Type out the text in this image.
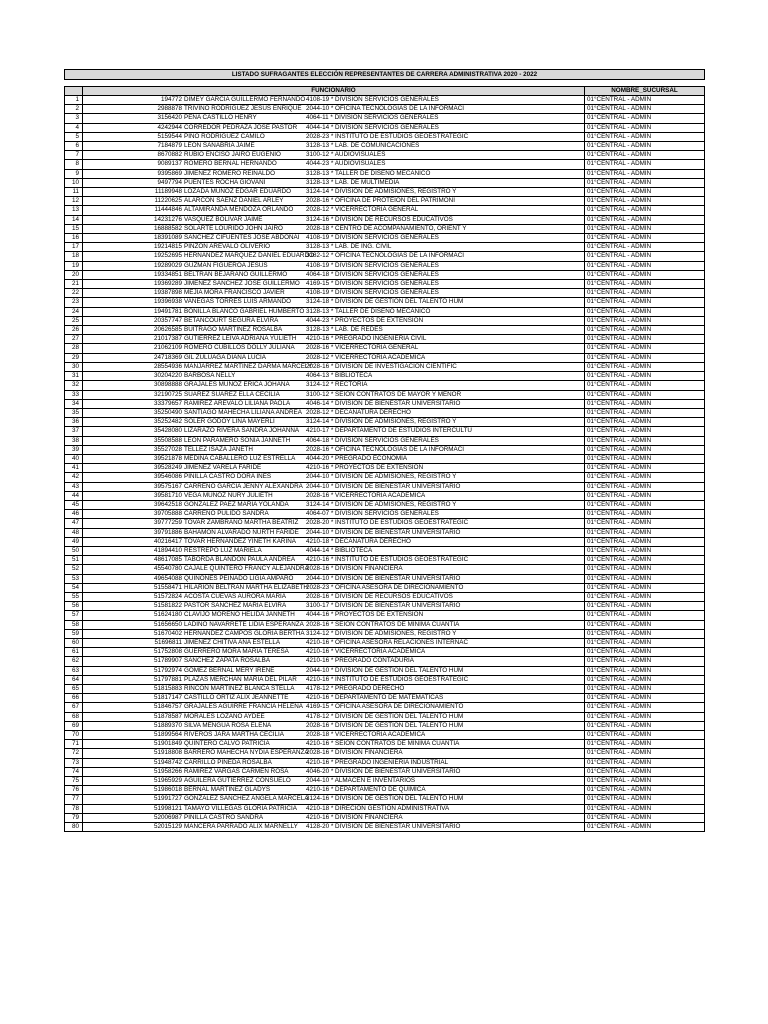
LISTADO SUFRAGANTES ELECCIÓN REPRESENTANTES DE CARRERA ADMINISTRATIVA 2020 - 2022		

	FUNCIONARIO	NOMBRE_SUCURSAL
1	194772 DIMEY GARCIA GUILLERMO FERNANDO4108-19 * DIVISION SERVICIOS GENERALES	01°CENTRAL - ADMIN
2	2988878 TRIVIÑO RODRIGUEZ JESUS ENRIQUE 2044-10 * OFICINA TECNOLOGIAS DE LA INFORMACI	01°CENTRAL - ADMIN
3	3156420 PEÑA CASTILLO HENRY 4064-11 * DIVISION SERVICIOS GENERALES	01°CENTRAL - ADMIN
4	4242944 CORREDOR PEDRAZA JOSE PASTOR 4044-14 * DIVISION SERVICIOS GENERALES	01°CENTRAL - ADMIN
5	5159544 PINO RODRIGUEZ CAMILO 2028-23 * INSTITUTO DE ESTUDIOS GEOESTRATEGIC	01°CENTRAL - ADMIN
6	7184879 LEON SANABRIA JAIME 3128-13 * LAB. DE COMUNICACIONES	01°CENTRAL - ADMIN
7	8670882 RUBIO ENCISO JAIRO EUGENIO 3100-12 * AUDIOVISUALES	01°CENTRAL - ADMIN
8	9089137 ROMERO BERNAL HERNANDO 4044-23 * AUDIOVISUALES	01°CENTRAL - ADMIN
9	9395869 JIMENEZ ROMERO REINALDO 3128-13 * TALLER DE DISEÑO MECANICO	01°CENTRAL - ADMIN
10	9497794 PUENTES ROCHA GIOVANI 3128-13 * LAB. DE MULTIMEDIA	01°CENTRAL - ADMIN
11	11189948 LOZADA MUÑOZ EDGAR EDUARDO 3124-14 * DIVISION DE ADMISIONES, REGISTRO Y	01°CENTRAL - ADMIN
12	11220625 ALARCON SAENZ DANIEL ARLEY 2028-16 * OFICINA DE PROTEION DEL PATRIMONI	01°CENTRAL - ADMIN
13	11444846 ALTAMIRANDA MENDOZA ORLANDO 2028-12 * VICERRECTORIA GENERAL	01°CENTRAL - ADMIN
14	14231276 VASQUEZ BOLIVAR JAIME 3124-16 * DIVISION DE RECURSOS EDUCATIVOS	01°CENTRAL - ADMIN
15	16888582 SOLARTE LOURIDO JOHN JAIRO 2028-18 * CENTRO DE ACOMPAÑAMIENTO, ORIENT Y	01°CENTRAL - ADMIN
16	18391089 SANCHEZ CIFUENTES JOSE ABDONAI 4108-19 * DIVISION SERVICIOS GENERALES	01°CENTRAL - ADMIN
17	19214815 PINZON AREVALO OLIVERIO 3128-13 * LAB. DE ING. CIVIL	01°CENTRAL - ADMIN
18	19252695 HERNANDEZ MARQUEZ DANIEL EDUARDO3182-12 * OFICINA TECNOLOGIAS DE LA INFORMACI	01°CENTRAL - ADMIN
19	19289029 GUZMAN FIGUEROA JESUS 4108-19 * DIVISION SERVICIOS GENERALES	01°CENTRAL - ADMIN
20	19334851 BELTRAN BEJARANO GUILLERMO 4064-18 * DIVISION SERVICIOS GENERALES	01°CENTRAL - ADMIN
21	19369289 JIMENEZ SANCHEZ JOSE GUILLERMO 4169-15 * DIVISION SERVICIOS GENERALES	01°CENTRAL - ADMIN
22	19387898 MEJIA MORA FRANCISCO JAVIER 4108-19 * DIVISION SERVICIOS GENERALES	01°CENTRAL - ADMIN
23	19396938 VANEGAS TORRES LUIS ARMANDO 3124-18 * DIVISION DE GESTION DEL TALENTO HUM	01°CENTRAL - ADMIN
24	19491781 BONILLA BLANCO GABRIEL HUMBERTO 3128-13 * TALLER DE DISEÑO MECANICO	01°CENTRAL - ADMIN
25	20357747 BETANCOURT SEGURA ELVIRA 4044-23 * PROYECTOS DE EXTENSION	01°CENTRAL - ADMIN
26	20626585 BUITRAGO MARTINEZ ROSALBA 3128-13 * LAB. DE REDES	01°CENTRAL - ADMIN
27	21017387 GUTIERREZ LEIVA ADRIANA YULIETH 4210-16 * PREGRADO INGENIERIA CIVIL	01°CENTRAL - ADMIN
28	21062109 ROMERO CUBILLOS DOLLY JULIANA 2028-16 * VICERRECTORIA GENERAL	01°CENTRAL - ADMIN
29	24718369 GIL ZULUAGA DIANA LUCIA 2028-12 * VICERRECTORIA ACADEMICA	01°CENTRAL - ADMIN
30	28554936 MANJARREZ MARTINEZ DARMA MARCELY2028-16 * DIVISION DE INVESTIGACION CIENTIFIC	01°CENTRAL - ADMIN
31	30204220 BARBOSA NELLY 4064-13 * BIBLIOTECA	01°CENTRAL - ADMIN
32	30898888 GRAJALES MUÑOZ ERICA JOHANA 3124-12 * RECTORIA	01°CENTRAL - ADMIN
33	32190725 SUAREZ SUAREZ ELLA CECILIA 3100-12 * SEION CONTRATOS DE MAYOR Y MENOR	01°CENTRAL - ADMIN
34	33379657 RAMIREZ AREVALO LILIANA PAOLA 4046-14 * DIVISION DE BIENESTAR UNIVERSITARIO	01°CENTRAL - ADMIN
35	35250490 SANTIAGO MAHECHA LILIANA ANDREA 2028-12 * DECANATURA DERECHO	01°CENTRAL - ADMIN
36	35252482 SOLER GODOY LINA MAYERLI 3124-14 * DIVISION DE ADMISIONES, REGISTRO Y	01°CENTRAL - ADMIN
37	35428080 LIZARAZO RIVERA SANDRA JOHANNA 4210-17 * DEPARTAMENTO DE ESTUDIOS INTERCULTU	01°CENTRAL - ADMIN
38	35508588 LEON PARAMERO SONIA JANNETH 4064-18 * DIVISION SERVICIOS GENERALES	01°CENTRAL - ADMIN
39	35527028 TELLEZ ISAZA JANETH 2028-16 * OFICINA TECNOLOGIAS DE LA INFORMACI	01°CENTRAL - ADMIN
40	39521878 MEDINA CABALLERO LUZ ESTRELLA 4044-20 * PREGRADO ECONOMIA	01°CENTRAL - ADMIN
41	39528249 JIMENEZ VARELA FARIDE 4210-16 * PROYECTOS DE EXTENSION	01°CENTRAL - ADMIN
42	39546086 PINILLA CASTRO DORA INES 2044-10 * DIVISION DE ADMISIONES, REGISTRO Y	01°CENTRAL - ADMIN
43	39575167 CARREÑO GARCIA JENNY ALEXANDRA 2044-10 * DIVISION DE BIENESTAR UNIVERSITARIO	01°CENTRAL - ADMIN
44	39581710 VEGA MUÑOZ NURY JULIETH 2028-16 * VICERRECTORIA ACADEMICA	01°CENTRAL - ADMIN
45	39642518 GONZALEZ PAEZ MARIA YOLANDA 3124-14 * DIVISION DE ADMISIONES, REGISTRO Y	01°CENTRAL - ADMIN
46	39705888 CARREÑO PULIDO SANDRA 4064-07 * DIVISION SERVICIOS GENERALES	01°CENTRAL - ADMIN
47	39777259 TOVAR ZAMBRANO MARTHA BEATRIZ 2028-20 * INSTITUTO DE ESTUDIOS GEOESTRATEGIC	01°CENTRAL - ADMIN
48	39791886 BAHAMON ALVARADO NURTH FARIDE 2044-10 * DIVISION DE BIENESTAR UNIVERSITARIO	01°CENTRAL - ADMIN
49	40216417 TOVAR HERNANDEZ YINETH KARINA 4210-18 * DECANATURA DERECHO	01°CENTRAL - ADMIN
50	41894410 RESTREPO LUZ MARIELA 4044-14 * BIBLIOTECA	01°CENTRAL - ADMIN
51	48617085 TABORDA BLANDON PAULA ANDREA 4210-16 * INSTITUTO DE ESTUDIOS GEOESTRATEGIC	01°CENTRAL - ADMIN
52	45540780 CAJALE QUINTERO FRANCY ALEJANDRA2028-16 * DIVISION FINANCIERA	01°CENTRAL - ADMIN
53	49654088 QUIÑONES PEINADO LIGIA AMPARO 2044-10 * DIVISION DE BIENESTAR UNIVERSITARIO	01°CENTRAL - ADMIN
54	51558471 HILARION BELTRAN MARTHA ELIZABETH2028-23 * OFICINA ASESORA DE DIRECIONAMIENTO	01°CENTRAL - ADMIN
55	51572824 ACOSTA CUEVAS AURORA MARIA 2028-16 * DIVISION DE RECURSOS EDUCATIVOS	01°CENTRAL - ADMIN
56	51581822 PASTOR SANCHEZ MARIA ELVIRA 3100-17 * DIVISION DE BIENESTAR UNIVERSITARIO	01°CENTRAL - ADMIN
57	51624180 CLAVIJO MORENO HELIDA JANNETH 4044-16 * PROYECTOS DE EXTENSION	01°CENTRAL - ADMIN
58	51656650 LADINO NAVARRETE LIDIA ESPERANZA 2028-16 * SEION CONTRATOS DE MINIMA CUANTIA	01°CENTRAL - ADMIN
59	51670402 HERNANDEZ CAMPOS GLORIA BERTHA3124-12 * DIVISION DE ADMISIONES, REGISTRO Y	01°CENTRAL - ADMIN
60	51696811 JIMENEZ CHITIVA ANA ESTELLA 4210-16 * OFICINA ASESORA RELACIONES INTERNAC	01°CENTRAL - ADMIN
61	51752808 GUERRERO MORA MARIA TERESA 4210-16 * VICERRECTORIA ACADEMICA	01°CENTRAL - ADMIN
62	51789907 SANCHEZ ZAPATA ROSALBA 4210-16 * PREGRADO CONTADURIA	01°CENTRAL - ADMIN
63	51792974 GOMEZ BERNAL MERY IRENE 2044-10 * DIVISION DE GESTION DEL TALENTO HUM	01°CENTRAL - ADMIN
64	51797881 PLAZAS MERCHAN MARIA DEL PILAR 4210-16 * INSTITUTO DE ESTUDIOS GEOESTRATEGIC	01°CENTRAL - ADMIN
65	51815883 RINCON MARTINEZ BLANCA STELLA 4178-12 * PREGRADO DERECHO	01°CENTRAL - ADMIN
66	51817147 CASTILLO ORTIZ ALIX JEANNETTE 4210-16 * DEPARTAMENTO DE MATEMATICAS	01°CENTRAL - ADMIN
67	51846757 GRAJALES AGUIRRE FRANCIA HELENA 4169-15 * OFICINA ASESORA DE DIRECIONAMIENTO	01°CENTRAL - ADMIN
68	51878587 MORALES LOZANO AYDEE 4178-12 * DIVISION DE GESTION DEL TALENTO HUM	01°CENTRAL - ADMIN
69	51889370 SILVA MENGUA ROSA ELENA 2028-16 * DIVISION DE GESTION DEL TALENTO HUM	01°CENTRAL - ADMIN
70	51899564 RIVEROS JARA MARTHA CECILIA 2028-18 * VICERRECTORIA ACADEMICA	01°CENTRAL - ADMIN
71	51901849 QUINTERO CALVO PATRICIA 4210-16 * SEION CONTRATOS DE MINIMA CUANTIA	01°CENTRAL - ADMIN
72	51918808 BARRERO MAHECHA NYDIA ESPERANZA2028-16 * DIVISION FINANCIERA	01°CENTRAL - ADMIN
73	51948742 CARRILLO PINEDA ROSALBA 4210-16 * PREGRADO INGENIERIA INDUSTRIAL	01°CENTRAL - ADMIN
74	51958266 RAMIREZ VARGAS CARMEN ROSA 4046-20 * DIVISION DE BIENESTAR UNIVERSITARIO	01°CENTRAL - ADMIN
75	51965929 AGUILERA GUTIERREZ CONSUELO 2044-10 * ALMACEN E INVENTARIOS	01°CENTRAL - ADMIN
76	51986018 BERNAL MARTINEZ GLADYS 4210-16 * DEPARTAMENTO DE QUIMICA	01°CENTRAL - ADMIN
77	51991727 GONZALEZ SANCHEZ ANGELA MARCELA3124-16 * DIVISION DE GESTION DEL TALENTO HUM	01°CENTRAL - ADMIN
78	51998121 TAMAYO VILLEGAS GLORIA PATRICIA 4210-18 * DIRECION GESTION ADMINISTRATIVA	01°CENTRAL - ADMIN
79	52006987 PINILLA CASTRO SANDRA 4210-16 * DIVISION FINANCIERA	01°CENTRAL - ADMIN
80	52015129 MANCERA PARRADO ALIX MARNELLY 4128-20 * DIVISION DE BIENESTAR UNIVERSITARIO	01°CENTRAL - ADMIN
